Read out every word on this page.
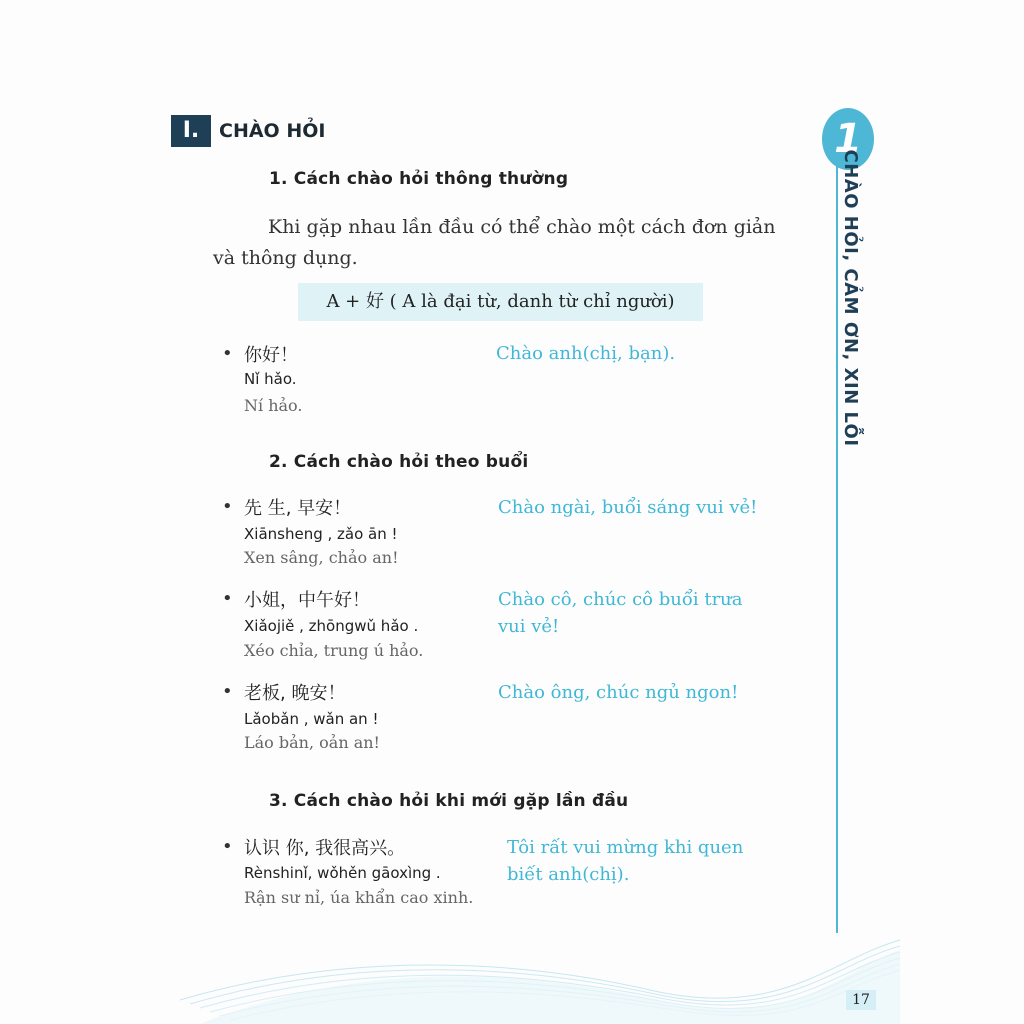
I.	CHÀO HỎI
1. Cách chào hỏi thông thường
Khi gặp nhau lần đầu có thể chào một cách đơn giản và thông dụng.
A + 好 ( A là đại từ, danh từ chỉ người)
• 你好！
Nǐ hǎo.
Ní hảo.
Chào anh(chị, bạn).
2. Cách chào hỏi theo buổi
• 先 生, 早安！
Xiānsheng , zǎo ān !
Xen sâng, chảo an!
Chào ngài, buổi sáng vui vẻ!
• 小姐，中午好！
Xiǎojiě , zhōngwǔ hǎo .
Xéo chỉa, trung ú hảo.
Chào cô, chúc cô buổi trưa
vui vẻ!
• 老板, 晚安！
Lǎobǎn , wǎn an !
Láo bản, oản an!
Chào ông, chúc ngủ ngon!
3. Cách chào hỏi khi mới gặp lần đầu
• 认识 你, 我很高兴。
Rènshinǐ, wǒhěn gāoxìng .
Rận sư nỉ, úa khẩn cao xinh.
Tôi rất vui mừng khi quen
biết anh(chị).
1
CHÀO HỎI, CẢM ƠN, XIN LỖI
17
